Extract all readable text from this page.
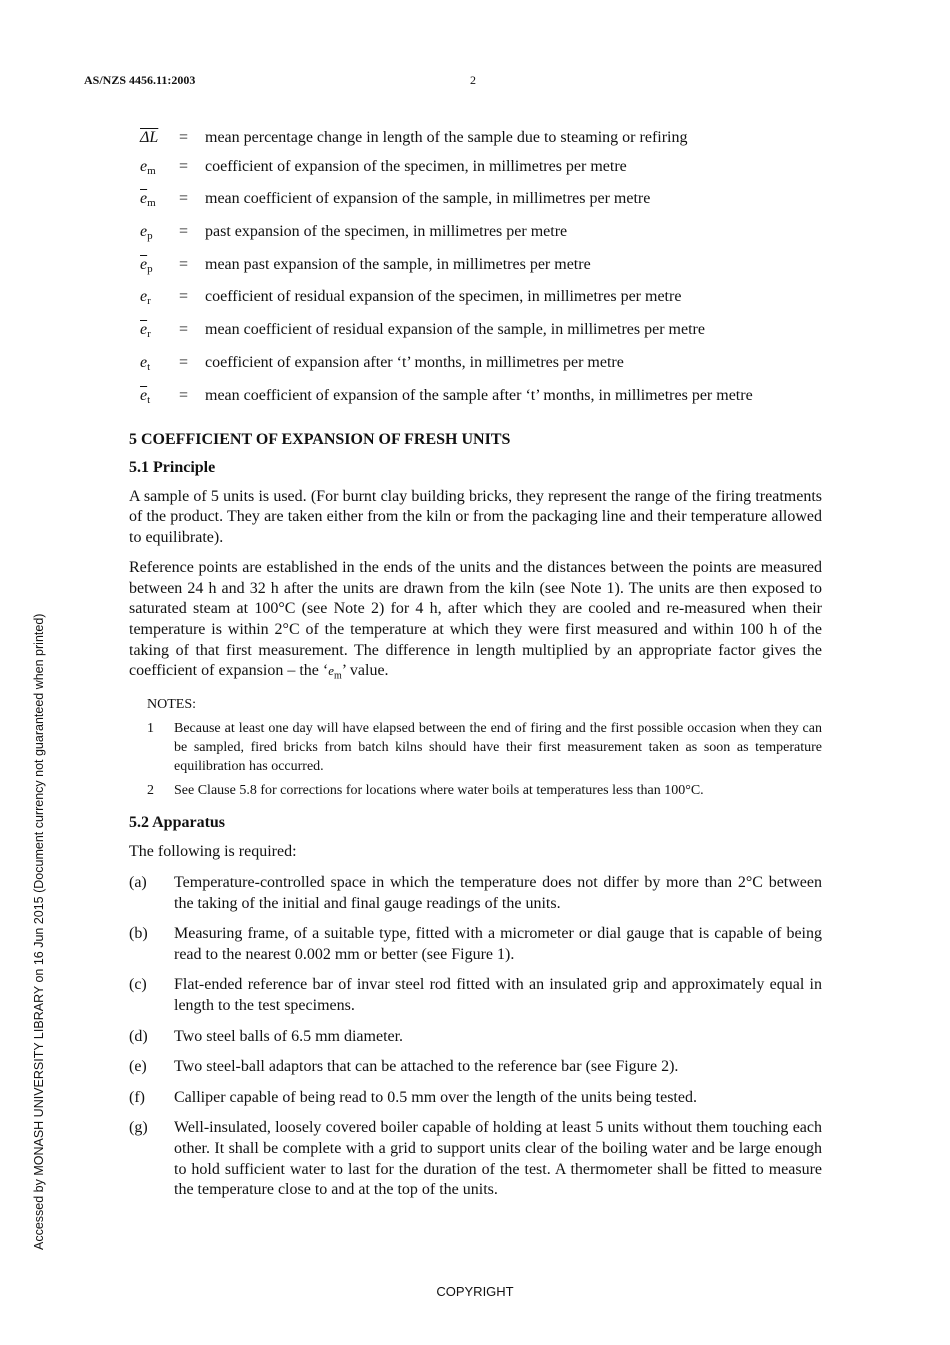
AS/NZS 4456.11:2003	2
Accessed by MONASH UNIVERSITY LIBRARY on 16 Jun 2015 (Document currency not guaranteed when printed)
$\overline{\Delta L}$	=	mean percentage change in length of the sample due to steaming or refiring
$e_m$	=	coefficient of expansion of the specimen, in millimetres per metre
$\overline{e}_m$	=	mean coefficient of expansion of the sample, in millimetres per metre
$e_p$	=	past expansion of the specimen, in millimetres per metre
$\overline{e}_p$	=	mean past expansion of the sample, in millimetres per metre
$e_r$	=	coefficient of residual expansion of the specimen, in millimetres per metre
$\overline{e}_r$	=	mean coefficient of residual expansion of the sample, in millimetres per metre
$e_t$	=	coefficient of expansion after ‘t’ months, in millimetres per metre
$\overline{e}_t$	=	mean coefficient of expansion of the sample after ‘t’ months, in millimetres per metre
5 COEFFICIENT OF EXPANSION OF FRESH UNITS
5.1 Principle

A sample of 5 units is used. (For burnt clay building bricks, they represent the range of the firing treatments of the product. They are taken either from the kiln or from the packaging line and their temperature allowed to equilibrate).

Reference points are established in the ends of the units and the distances between the points are measured between 24 h and 32 h after the units are drawn from the kiln (see Note 1). The units are then exposed to saturated steam at 100°C (see Note 2) for 4 h, after which they are cooled and re-measured when their temperature is within 2°C of the temperature at which they were first measured and within 100 h of the taking of that first measurement. The difference in length multiplied by an appropriate factor gives the coefficient of expansion – the ‘$e_m$’ value.

NOTES:
1	Because at least one day will have elapsed between the end of firing and the first possible occasion when they can be sampled, fired bricks from batch kilns should have their first measurement taken as soon as temperature equilibration has occurred.
2	See Clause 5.8 for corrections for locations where water boils at temperatures less than 100°C.
5.2 Apparatus

The following is required:

(a)	Temperature-controlled space in which the temperature does not differ by more than 2°C between the taking of the initial and final gauge readings of the units.
(b)	Measuring frame, of a suitable type, fitted with a micrometer or dial gauge that is capable of being read to the nearest 0.002 mm or better (see Figure 1).
(c)	Flat-ended reference bar of invar steel rod fitted with an insulated grip and approximately equal in length to the test specimens.
(d)	Two steel balls of 6.5 mm diameter.
(e)	Two steel-ball adaptors that can be attached to the reference bar (see Figure 2).
(f)	Calliper capable of being read to 0.5 mm over the length of the units being tested.
(g)	Well-insulated, loosely covered boiler capable of holding at least 5 units without them touching each other. It shall be complete with a grid to support units clear of the boiling water and be large enough to hold sufficient water to last for the duration of the test. A thermometer shall be fitted to measure the temperature close to and at the top of the units.
COPYRIGHT
